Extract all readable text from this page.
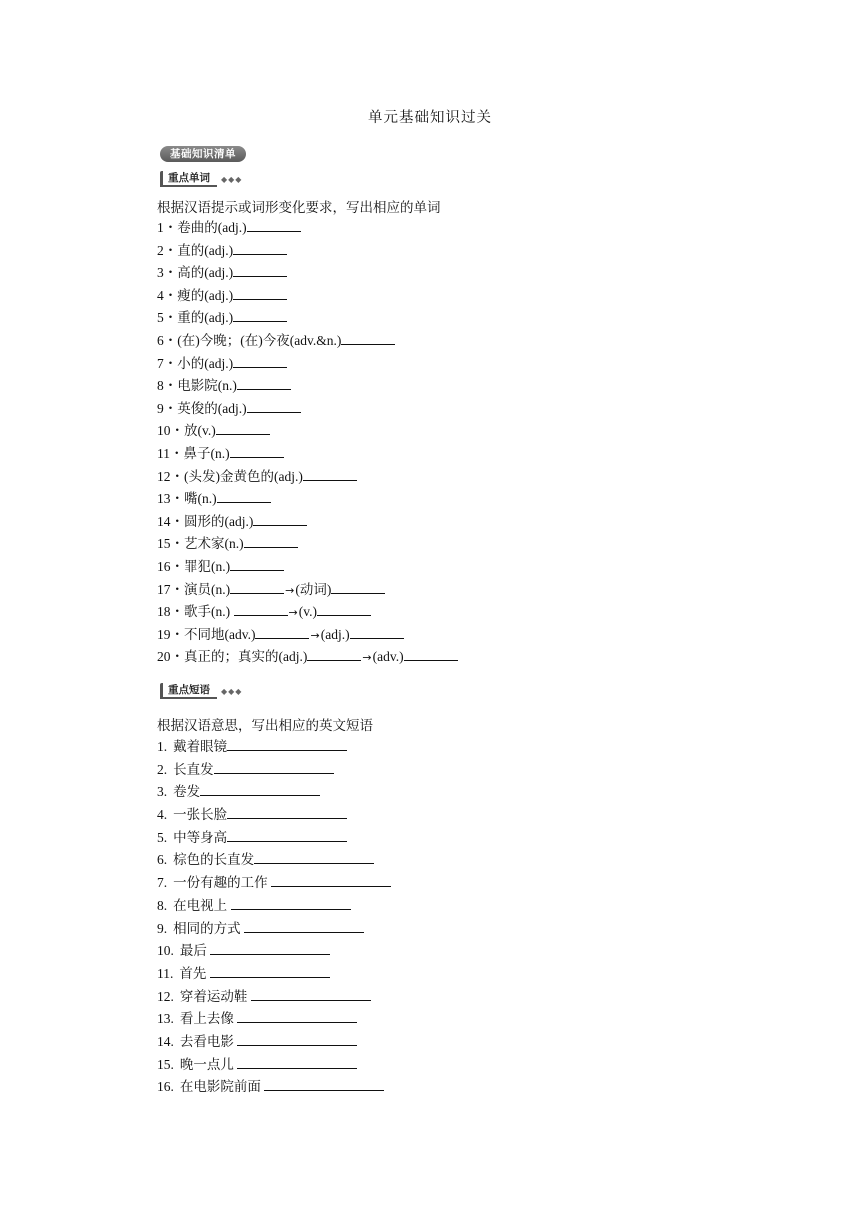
单元基础知识过关
基础知识清单
重点单词	◆◆◆
根据汉语提示或词形变化要求，写出相应的单词
1・卷曲的(adj.)
2・直的(adj.)
3・高的(adj.)
4・瘦的(adj.)
5・重的(adj.)
6・(在)今晚；(在)今夜(adv.&n.)
7・小的(adj.)
8・电影院(n.)
9・英俊的(adj.)
10・放(v.)
11・鼻子(n.)
12・(头发)金黄色的(adj.)
13・嘴(n.)
14・圆形的(adj.)
15・艺术家(n.)
16・罪犯(n.)
17・演员(n.)	→(动词)
18・歌手(n.)	→(v.)
19・不同地(adv.)	→(adj.)
20・真正的；真实的(adj.)	→(adv.)
重点短语	◆◆◆
根据汉语意思，写出相应的英文短语
1. 戴着眼镜
2. 长直发
3. 卷发
4. 一张长脸
5. 中等身高
6. 棕色的长直发
7. 一份有趣的工作
8. 在电视上
9. 相同的方式
10. 最后
11. 首先
12. 穿着运动鞋
13. 看上去像
14. 去看电影
15. 晚一点儿
16. 在电影院前面
